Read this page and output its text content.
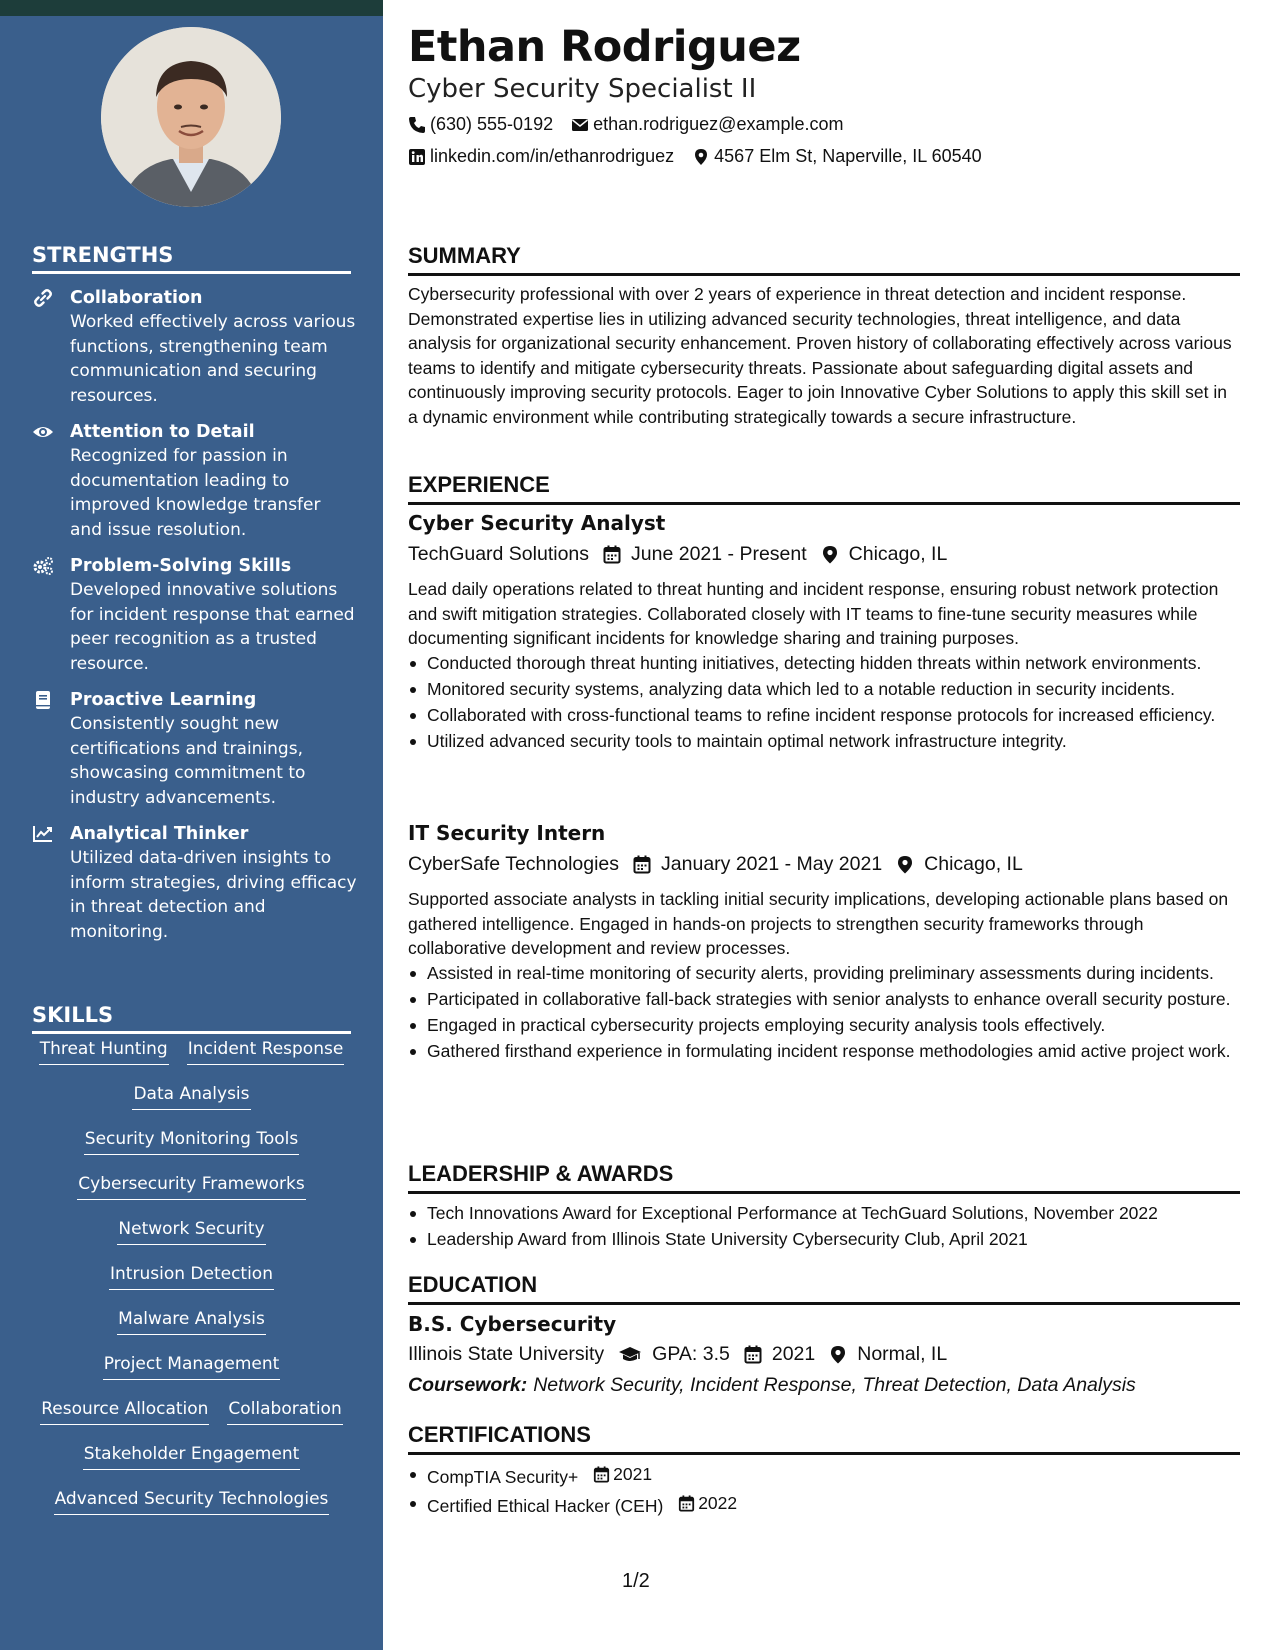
STRENGTHS
Collaboration
Worked effectively across various functions, strengthening team communication and securing resources.
Attention to Detail
Recognized for passion in documentation leading to improved knowledge transfer and issue resolution.
Problem-Solving Skills
Developed innovative solutions for incident response that earned peer recognition as a trusted resource.
Proactive Learning
Consistently sought new certifications and trainings, showcasing commitment to industry advancements.
Analytical Thinker
Utilized data-driven insights to inform strategies, driving efficacy in threat detection and monitoring.
SKILLS
Threat Hunting Incident Response
Data Analysis
Security Monitoring Tools
Cybersecurity Frameworks
Network Security
Intrusion Detection
Malware Analysis
Project Management
Resource Allocation Collaboration
Stakeholder Engagement
Advanced Security Technologies
Ethan Rodriguez
Cyber Security Specialist II
(630) 555-0192 ethan.rodriguez@example.com
linkedin.com/in/ethanrodriguez 4567 Elm St, Naperville, IL 60540
SUMMARY
Cybersecurity professional with over 2 years of experience in threat detection and incident response. Demonstrated expertise lies in utilizing advanced security technologies, threat intelligence, and data analysis for organizational security enhancement. Proven history of collaborating effectively across various teams to identify and mitigate cybersecurity threats. Passionate about safeguarding digital assets and continuously improving security protocols. Eager to join Innovative Cyber Solutions to apply this skill set in a dynamic environment while contributing strategically towards a secure infrastructure.
EXPERIENCE
Cyber Security Analyst
TechGuard Solutions June 2021 - Present Chicago, IL
Lead daily operations related to threat hunting and incident response, ensuring robust network protection and swift mitigation strategies. Collaborated closely with IT teams to fine-tune security measures while documenting significant incidents for knowledge sharing and training purposes.
Conducted thorough threat hunting initiatives, detecting hidden threats within network environments.
Monitored security systems, analyzing data which led to a notable reduction in security incidents.
Collaborated with cross-functional teams to refine incident response protocols for increased efficiency.
Utilized advanced security tools to maintain optimal network infrastructure integrity.
IT Security Intern
CyberSafe Technologies January 2021 - May 2021 Chicago, IL
Supported associate analysts in tackling initial security implications, developing actionable plans based on gathered intelligence. Engaged in hands-on projects to strengthen security frameworks through collaborative development and review processes.
Assisted in real-time monitoring of security alerts, providing preliminary assessments during incidents.
Participated in collaborative fall-back strategies with senior analysts to enhance overall security posture.
Engaged in practical cybersecurity projects employing security analysis tools effectively.
Gathered firsthand experience in formulating incident response methodologies amid active project work.
LEADERSHIP & AWARDS
Tech Innovations Award for Exceptional Performance at TechGuard Solutions, November 2022
Leadership Award from Illinois State University Cybersecurity Club, April 2021
EDUCATION
B.S. Cybersecurity
Illinois State University GPA: 3.5 2021 Normal, IL
Coursework: Network Security, Incident Response, Threat Detection, Data Analysis
CERTIFICATIONS
CompTIA Security+ 2021
Certified Ethical Hacker (CEH) 2022
1/2
